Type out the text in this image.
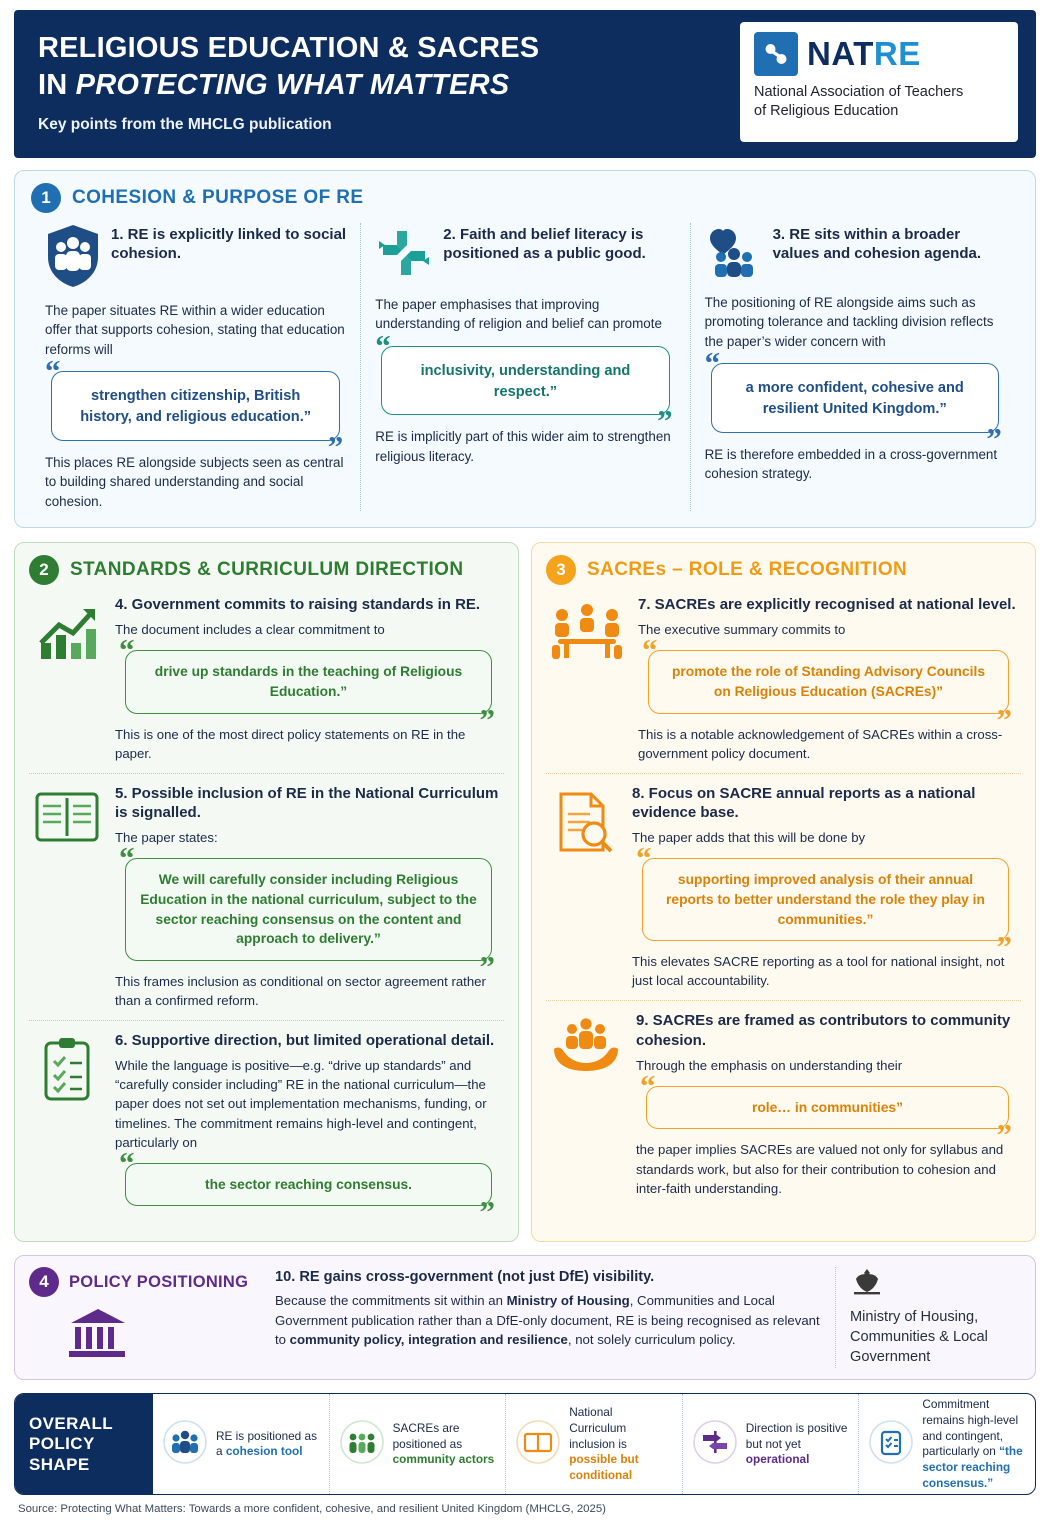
RELIGIOUS EDUCATION & SACRES
IN PROTECTING WHAT MATTERS
Key points from the MHCLG publication
NATRE
National Association of Teachers
of Religious Education
1	COHESION & PURPOSE OF RE
1. RE is explicitly linked to social cohesion.
The paper situates RE within a wider education offer that supports cohesion, stating that education reforms will
“
strengthen citizenship, British history, and religious education.”
”
This places RE alongside subjects seen as central to building shared understanding and social cohesion.
2. Faith and belief literacy is positioned as a public good.
The paper emphasises that improving understanding of religion and belief can promote
“
inclusivity, understanding and respect.”
”
RE is implicitly part of this wider aim to strengthen religious literacy.
3. RE sits within a broader values and cohesion agenda.
The positioning of RE alongside aims such as promoting tolerance and tackling division reflects the paper’s wider concern with
“
a more confident, cohesive and resilient United Kingdom.”
”
RE is therefore embedded in a cross-government cohesion strategy.
2	STANDARDS & CURRICULUM DIRECTION
4. Government commits to raising standards in RE.
The document includes a clear commitment to
“
drive up standards in the teaching of Religious Education.”
”
This is one of the most direct policy statements on RE in the paper.
5. Possible inclusion of RE in the National Curriculum is signalled.
The paper states:
“
We will carefully consider including Religious Education in the national curriculum, subject to the sector reaching consensus on the content and approach to delivery.”
”
This frames inclusion as conditional on sector agreement rather than a confirmed reform.
6. Supportive direction, but limited operational detail.
While the language is positive—e.g. “drive up standards” and “carefully consider including” RE in the national curriculum—the paper does not set out implementation mechanisms, funding, or timelines. The commitment remains high-level and contingent, particularly on
“
the sector reaching consensus.
”
3	SACREs – ROLE & RECOGNITION
7. SACREs are explicitly recognised at national level.
The executive summary commits to
“
promote the role of Standing Advisory Councils on Religious Education (SACREs)”
”
This is a notable acknowledgement of SACREs within a cross-government policy document.
8. Focus on SACRE annual reports as a national evidence base.
The paper adds that this will be done by
“
supporting improved analysis of their annual reports to better understand the role they play in communities.”
”
This elevates SACRE reporting as a tool for national insight, not just local accountability.
9. SACREs are framed as contributors to community cohesion.
Through the emphasis on understanding their
“
role… in communities”
”
the paper implies SACREs are valued not only for syllabus and standards work, but also for their contribution to cohesion and inter-faith understanding.
4	POLICY POSITIONING 10. RE gains cross-government (not just DfE) visibility.
Because the commitments sit within an Ministry of Housing, Communities and Local Government publication rather than a DfE-only document, RE is being recognised as relevant to community policy, integration and resilience, not solely curriculum policy.
Ministry of Housing, Communities & Local Government
OVERALL
POLICY
SHAPE
RE is positioned as a cohesion tool
SACREs are positioned as community actors
National Curriculum inclusion is possible but conditional
Direction is positive but not yet operational
Commitment remains high-level and contingent, particularly on “the sector reaching consensus.”
Source: Protecting What Matters: Towards a more confident, cohesive, and resilient United Kingdom (MHCLG, 2025)
